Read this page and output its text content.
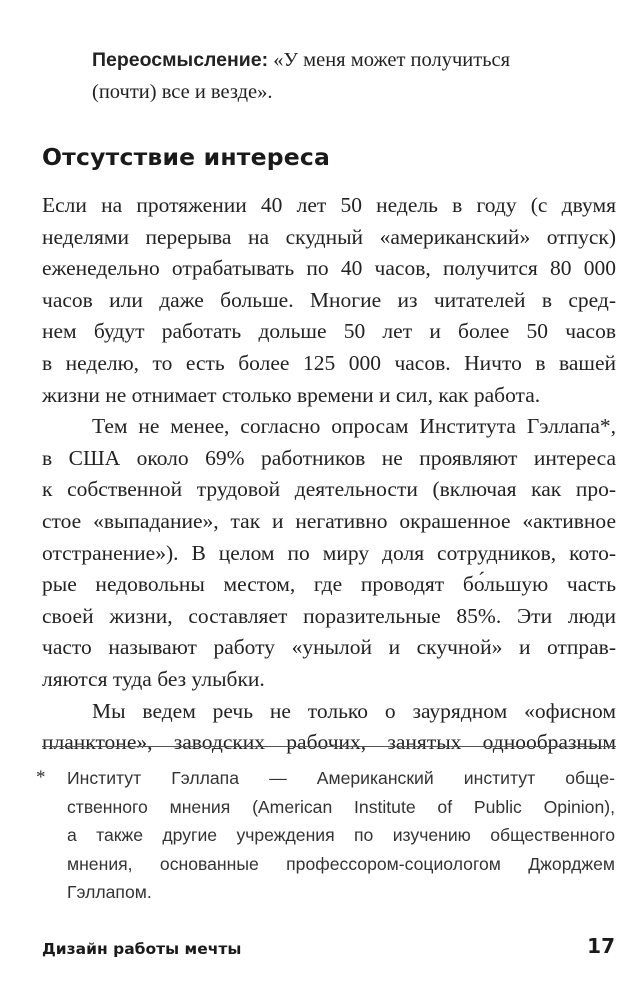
Переосмысление: «У меня может получиться
(почти) все и везде».
Отсутствие интереса
Если на протяжении 40 лет 50 недель в году (с двумя
неделями перерыва на скудный «американский» отпуск)
еженедельно отрабатывать по 40 часов, получится 80 000
часов или даже больше. Многие из читателей в сред-
нем будут работать дольше 50 лет и более 50 часов
в неделю, то есть более 125 000 часов. Ничто в вашей
жизни не отнимает столько времени и сил, как работа.
Тем не менее, согласно опросам Института Гэллапа*,
в США около 69% работников не проявляют интереса
к собственной трудовой деятельности (включая как про-
стое «выпадание», так и негативно окрашенное «активное
отстранение»). В целом по миру доля сотрудников, кото-
рые недовольны местом, где проводят бо́льшую часть
своей жизни, составляет поразительные 85%. Эти люди
часто называют работу «унылой и скучной» и отправ-
ляются туда без улыбки.
Мы ведем речь не только о заурядном «офисном
планктоне», заводских рабочих, занятых однообразным
* Институт Гэллапа — Американский институт обще-
ственного мнения (American Institute of Public Opinion),
а также другие учреждения по изучению общественного
мнения, основанные профессором-социологом Джорджем
Гэллапом.
Дизайн работы мечты	17
